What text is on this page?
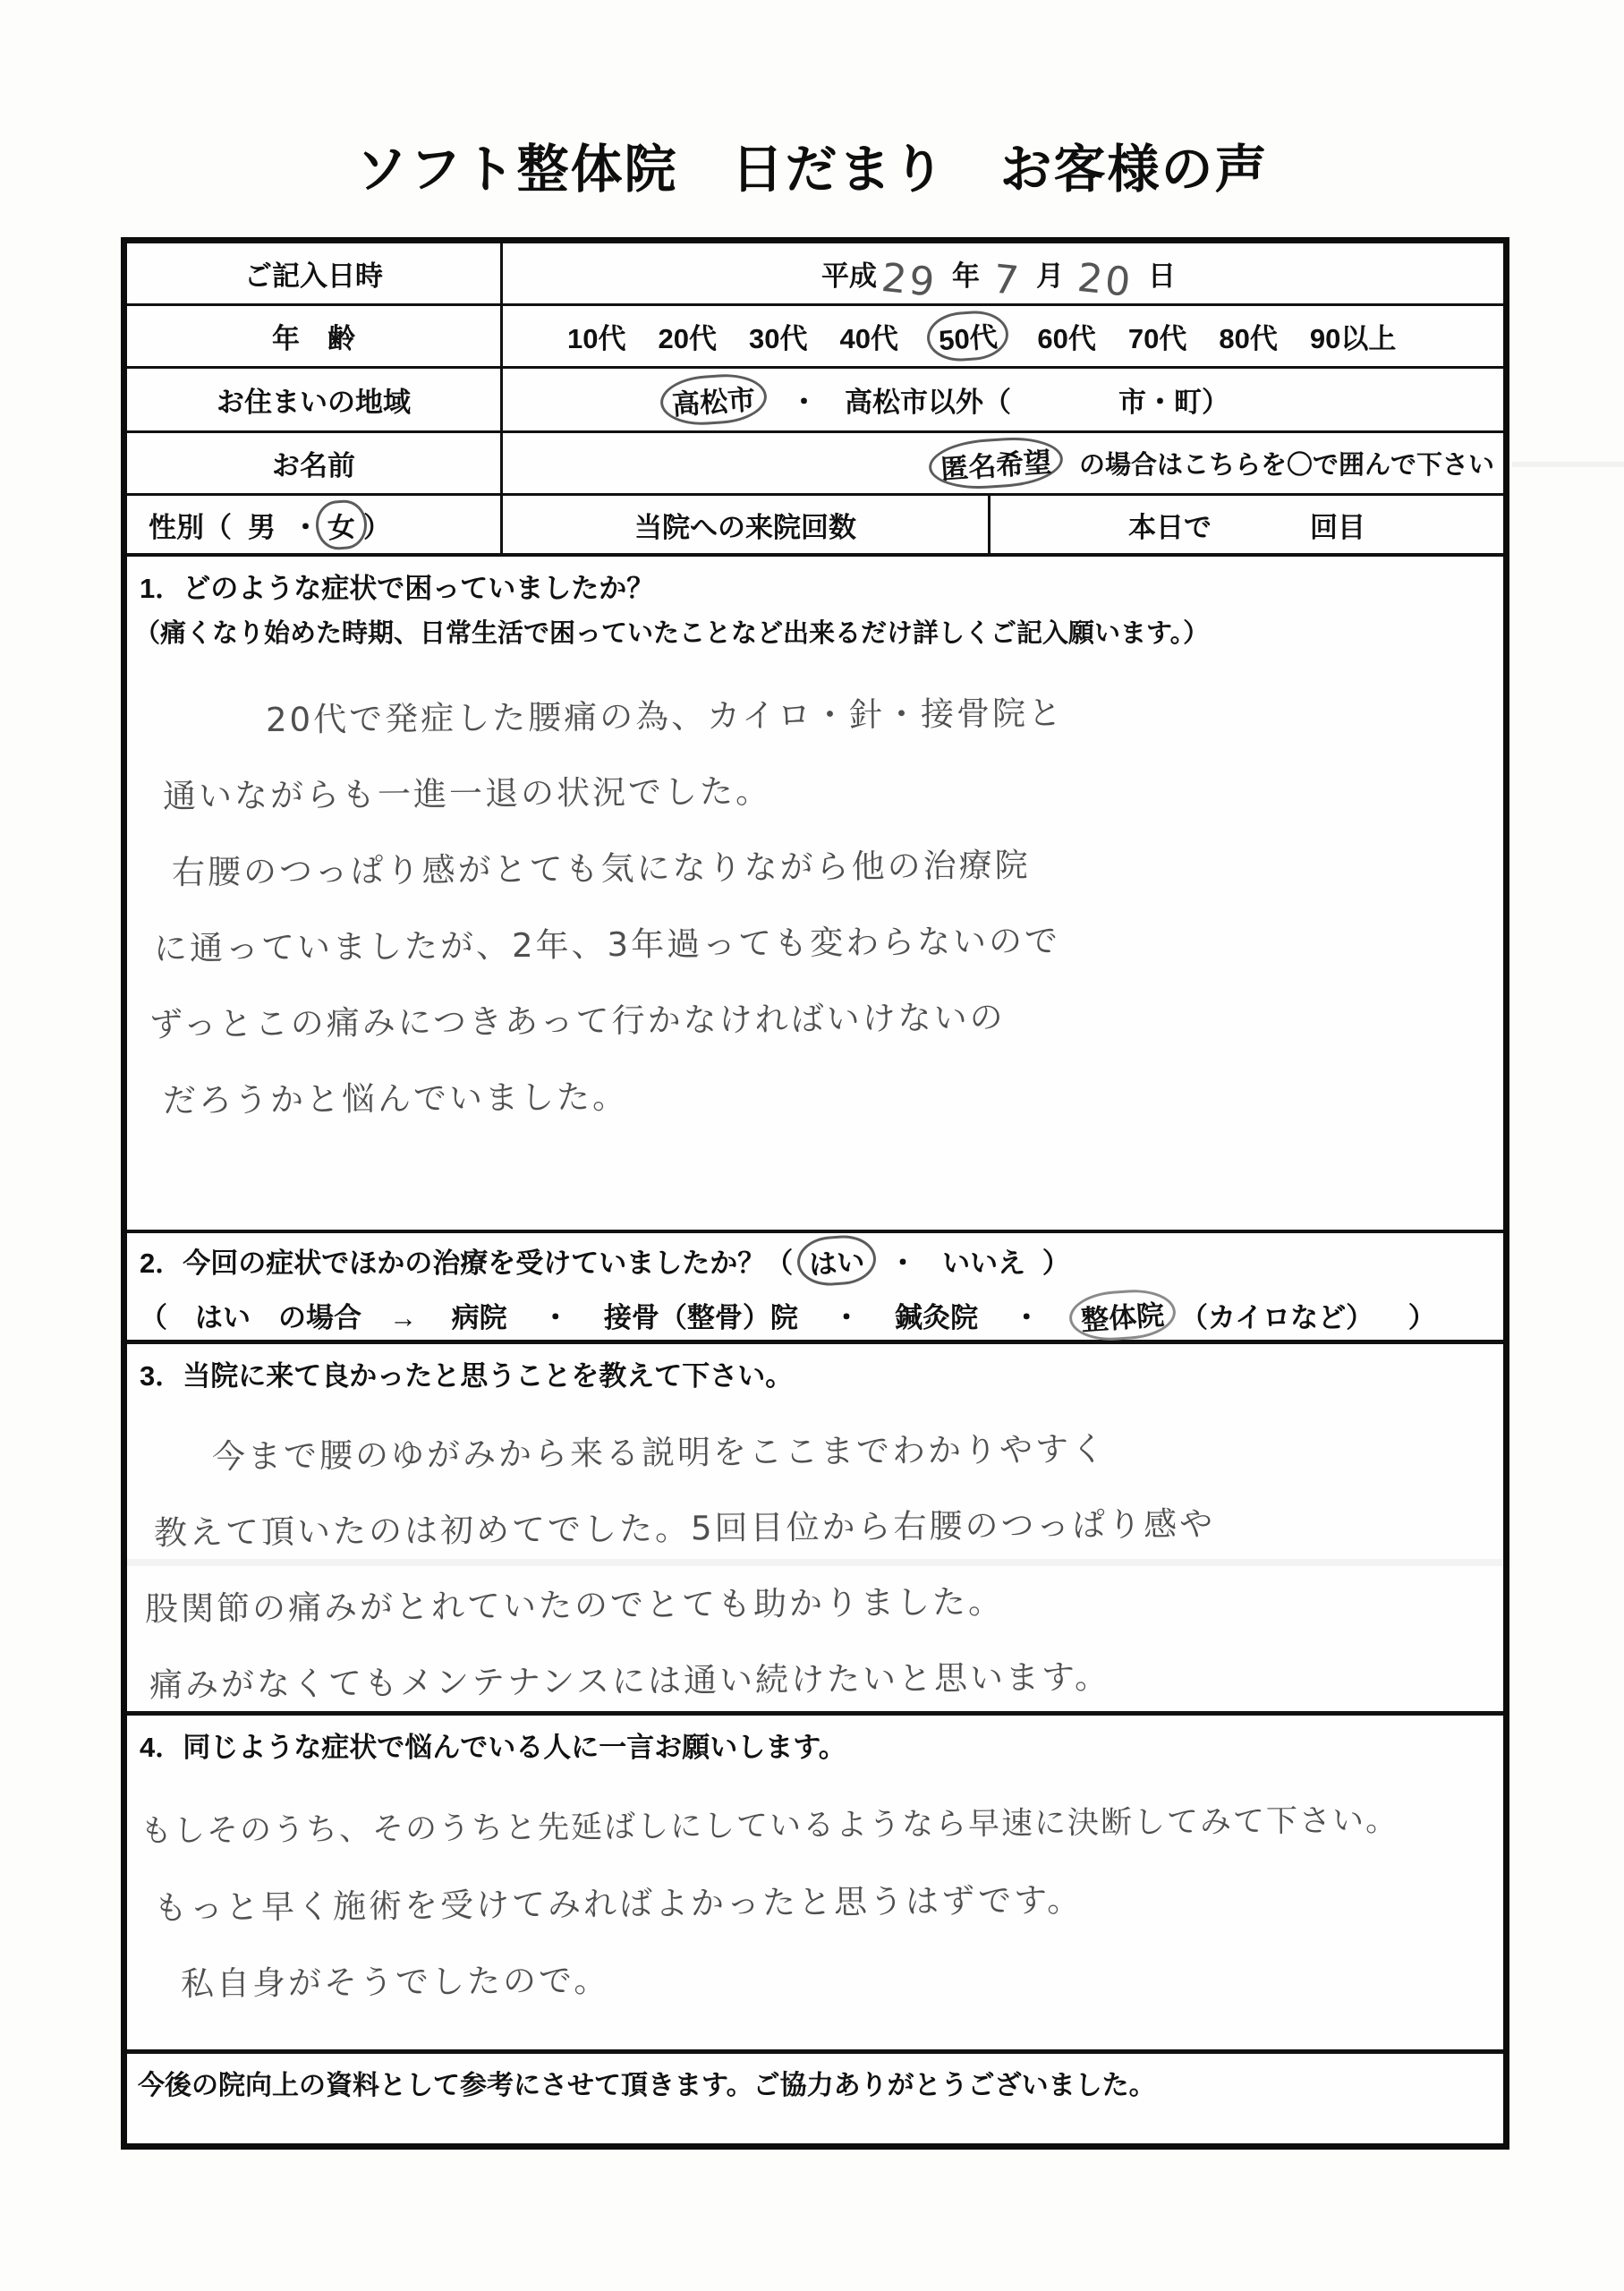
ソフト整体院　日だまり　お客様の声
ご記入日時	平成 29 年 7 月 20 日
年　齢	10代 20代 30代 40代	50代	60代 70代 80代 90以上
お住まいの地域	高松市	・ 高松市以外（	市・町）
お名前	匿名希望	の場合はこちらを〇で囲んで下さい
性別（ 男 ・ 女 ）	当院への来院回数	本日で	回目
1．どのような症状で困っていましたか？
（痛くなり始めた時期、日常生活で困っていたことなど出来るだけ詳しくご記入願います。）
20代で発症した腰痛の為、カイロ・針・接骨院と
通いながらも一進一退の状況でした。
右腰のつっぱり感がとても気になりながら他の治療院
に通っていましたが、2年、3年過っても変わらないので
ずっとこの痛みにつきあって行かなければいけないの
だろうかと悩んでいました。
2．今回の症状でほかの治療を受けていましたか？（ はい ・ いいえ ）
（　はい　の場合　→ 病院 ・ 接骨（整骨）院 ・ 鍼灸院 ・ 整体院 （カイロなど） ）
3．当院に来て良かったと思うことを教えて下さい。
今まで腰のゆがみから来る説明をここまでわかりやすく
教えて頂いたのは初めてでした。5回目位から右腰のつっぱり感や
股関節の痛みがとれていたのでとても助かりました。
痛みがなくてもメンテナンスには通い続けたいと思います。
4．同じような症状で悩んでいる人に一言お願いします。
もしそのうち、そのうちと先延ばしにしているようなら早速に決断してみて下さい。
もっと早く施術を受けてみればよかったと思うはずです。
私自身がそうでしたので。
今後の院向上の資料として参考にさせて頂きます。ご協力ありがとうございました。
